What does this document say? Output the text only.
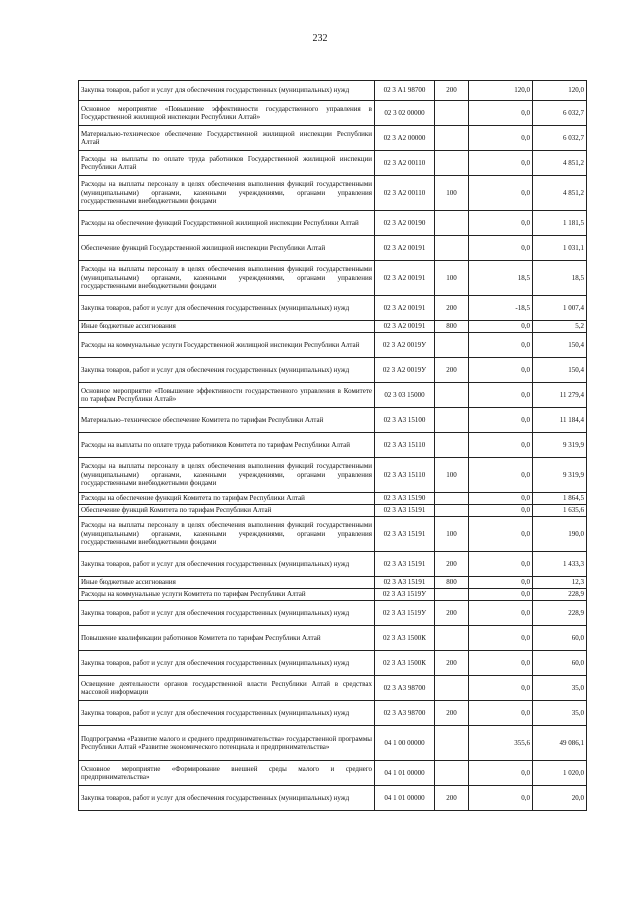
232
Закупка товаров, работ и услуг для обеспечения государственных (муниципальных) нужд	02 3 А1 98700	200	120,0	120,0
Основное мероприятие «Повышение эффективности государственного управления в Государственной жилищной инспекции Республики Алтай»	02 3 02 00000		0,0	6 032,7
Материально-техническое обеспечение Государственной жилищной инспекции Республики Алтай	02 3 А2 00000		0,0	6 032,7
Расходы на выплаты по оплате труда работников Государственной жилищной инспекции Республики Алтай	02 3 А2 00110		0,0	4 851,2
Расходы на выплаты персоналу в целях обеспечения выполнения функций государственными (муниципальными) органами, казенными учреждениями, органами управления государственными внебюджетными фондами	02 3 А2 00110	100	0,0	4 851,2
Расходы на обеспечение функций Государственной жилищной инспекции Республики Алтай	02 3 А2 00190		0,0	1 181,5
Обеспечение функций Государственной жилищной инспекции Республики Алтай	02 3 А2 00191		0,0	1 031,1
Расходы на выплаты персоналу в целях обеспечения выполнения функций государственными (муниципальными) органами, казенными учреждениями, органами управления государственными внебюджетными фондами	02 3 А2 00191	100	18,5	18,5
Закупка товаров, работ и услуг для обеспечения государственных (муниципальных) нужд	02 3 А2 00191	200	-18,5	1 007,4
Иные бюджетные ассигнования	02 3 А2 00191	800	0,0	5,2
Расходы на коммунальные услуги Государственной жилищной инспекции Республики Алтай	02 3 А2 0019У		0,0	150,4
Закупка товаров, работ и услуг для обеспечения государственных (муниципальных) нужд	02 3 А2 0019У	200	0,0	150,4
Основное мероприятие «Повышение эффективности государственного управления в Комитете по тарифам Республики Алтай»	02 3 03 15000		0,0	11 279,4
Материально–техническое обеспечение Комитета по тарифам Республики Алтай	02 3 А3 15100		0,0	11 184,4
Расходы на выплаты по оплате труда работников Комитета по тарифам Республики Алтай	02 3 А3 15110		0,0	9 319,9
Расходы на выплаты персоналу в целях обеспечения выполнения функций государственными (муниципальными) органами, казенными учреждениями, органами управления государственными внебюджетными фондами	02 3 А3 15110	100	0,0	9 319,9
Расходы на обеспечение функций Комитета по тарифам Республики Алтай	02 3 А3 15190		0,0	1 864,5
Обеспечение функций Комитета по тарифам Республики Алтай	02 3 А3 15191		0,0	1 635,6
Расходы на выплаты персоналу в целях обеспечения выполнения функций государственными (муниципальными) органами, казенными учреждениями, органами управления государственными внебюджетными фондами	02 3 А3 15191	100	0,0	190,0
Закупка товаров, работ и услуг для обеспечения государственных (муниципальных) нужд	02 3 А3 15191	200	0,0	1 433,3
Иные бюджетные ассигнования	02 3 А3 15191	800	0,0	12,3
Расходы на коммунальные услуги Комитета по тарифам Республики Алтай	02 3 А3 1519У		0,0	228,9
Закупка товаров, работ и услуг для обеспечения государственных (муниципальных) нужд	02 3 А3 1519У	200	0,0	228,9
Повышение квалификации работников Комитета по тарифам Республики Алтай	02 3 А3 1500К		0,0	60,0
Закупка товаров, работ и услуг для обеспечения государственных (муниципальных) нужд	02 3 А3 1500К	200	0,0	60,0
Освещение деятельности органов государственной власти Республики Алтай в средствах массовой информации	02 3 А3 98700		0,0	35,0
Закупка товаров, работ и услуг для обеспечения государственных (муниципальных) нужд	02 3 А3 98700	200	0,0	35,0
Подпрограмма «Развитие малого и среднего предпринимательства» государственной программы Республики Алтай «Развитие экономического потенциала и предпринимательства»	04 1 00 00000		355,6	49 086,1
Основное мероприятие «Формирование внешней среды малого и среднего предпринимательства»	04 1 01 00000		0,0	1 020,0
Закупка товаров, работ и услуг для обеспечения государственных (муниципальных) нужд	04 1 01 00000	200	0,0	20,0
